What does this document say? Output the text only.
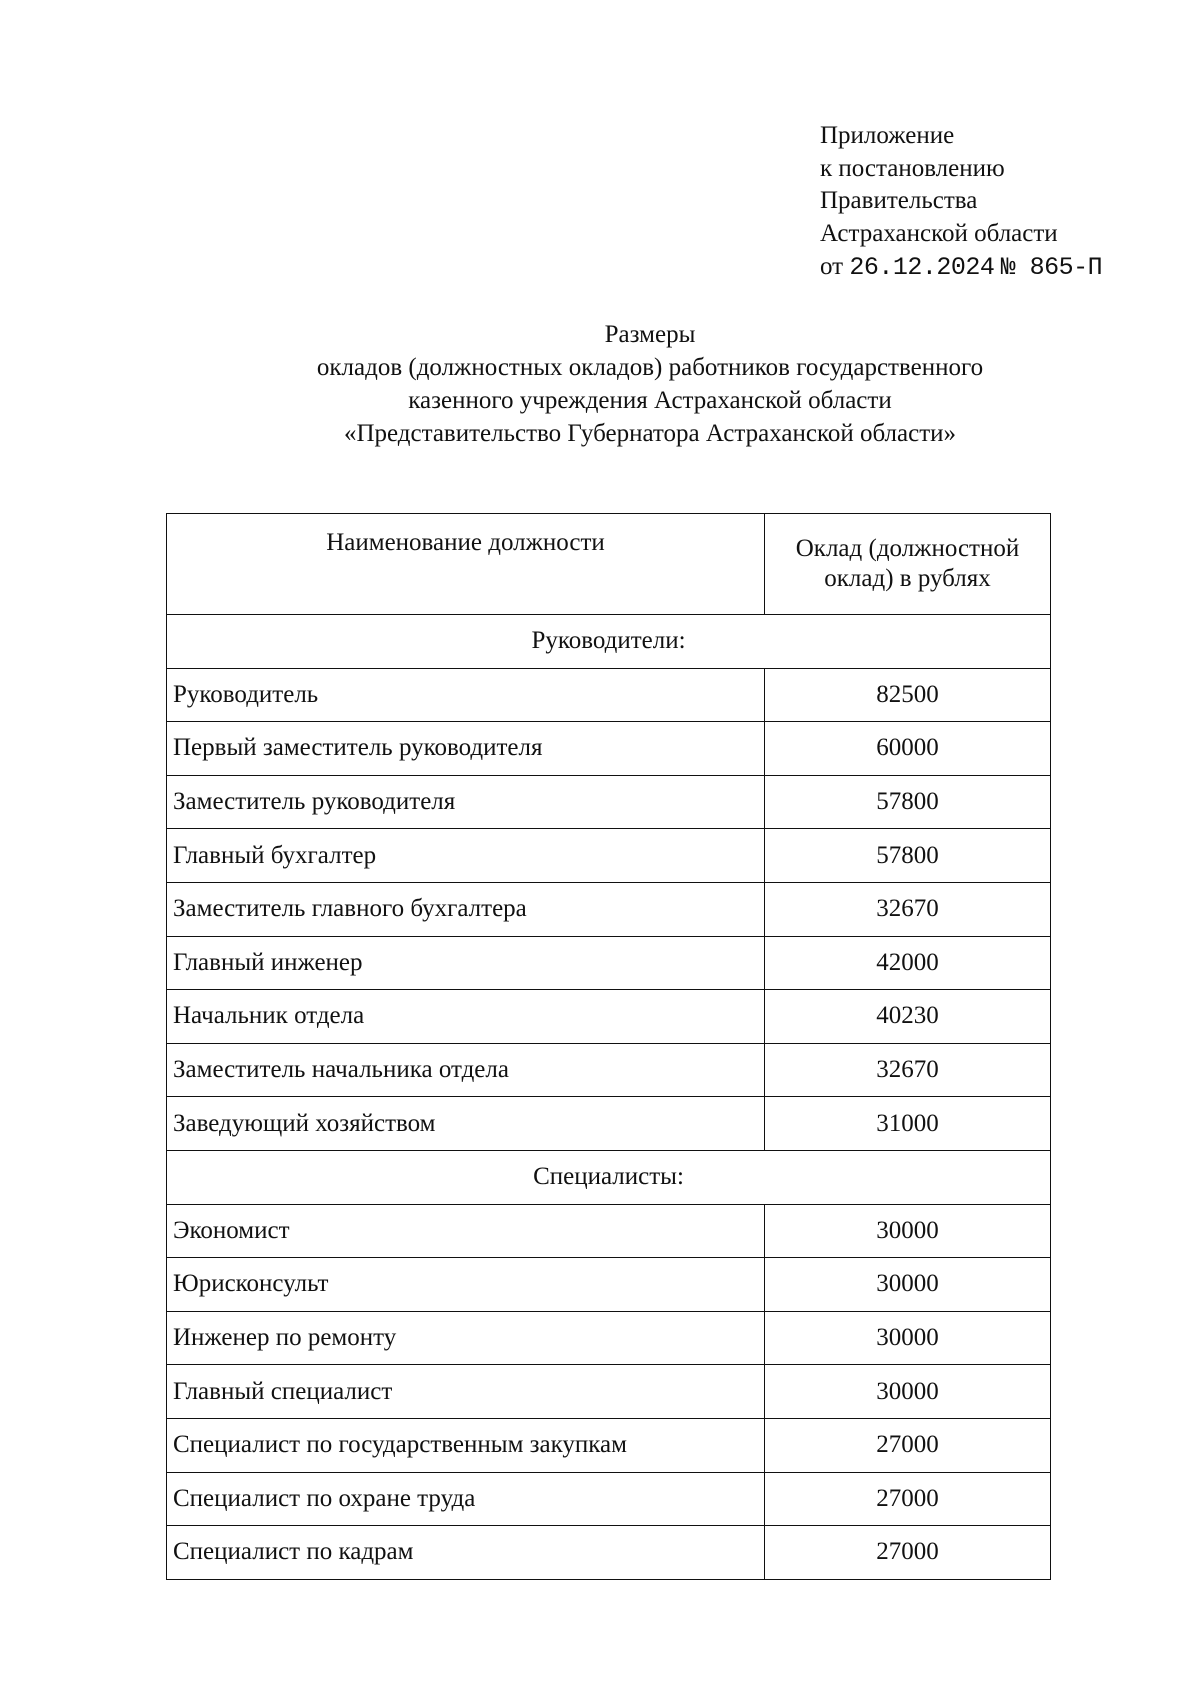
Приложение
к постановлению
Правительства
Астраханской области
от 26.12.2024 № 865-П
Размеры
окладов (должностных окладов) работников государственного
казенного учреждения Астраханской области
«Представительство Губернатора Астраханской области»
Наименование должности	Оклад (должностной оклад) в рублях
Руководители:	
Руководитель	82500
Первый заместитель руководителя	60000
Заместитель руководителя	57800
Главный бухгалтер	57800
Заместитель главного бухгалтера	32670
Главный инженер	42000
Начальник отдела	40230
Заместитель начальника отдела	32670
Заведующий хозяйством	31000
Специалисты:	
Экономист	30000
Юрисконсульт	30000
Инженер по ремонту	30000
Главный специалист	30000
Специалист по государственным закупкам	27000
Специалист по охране труда	27000
Специалист по кадрам	27000
